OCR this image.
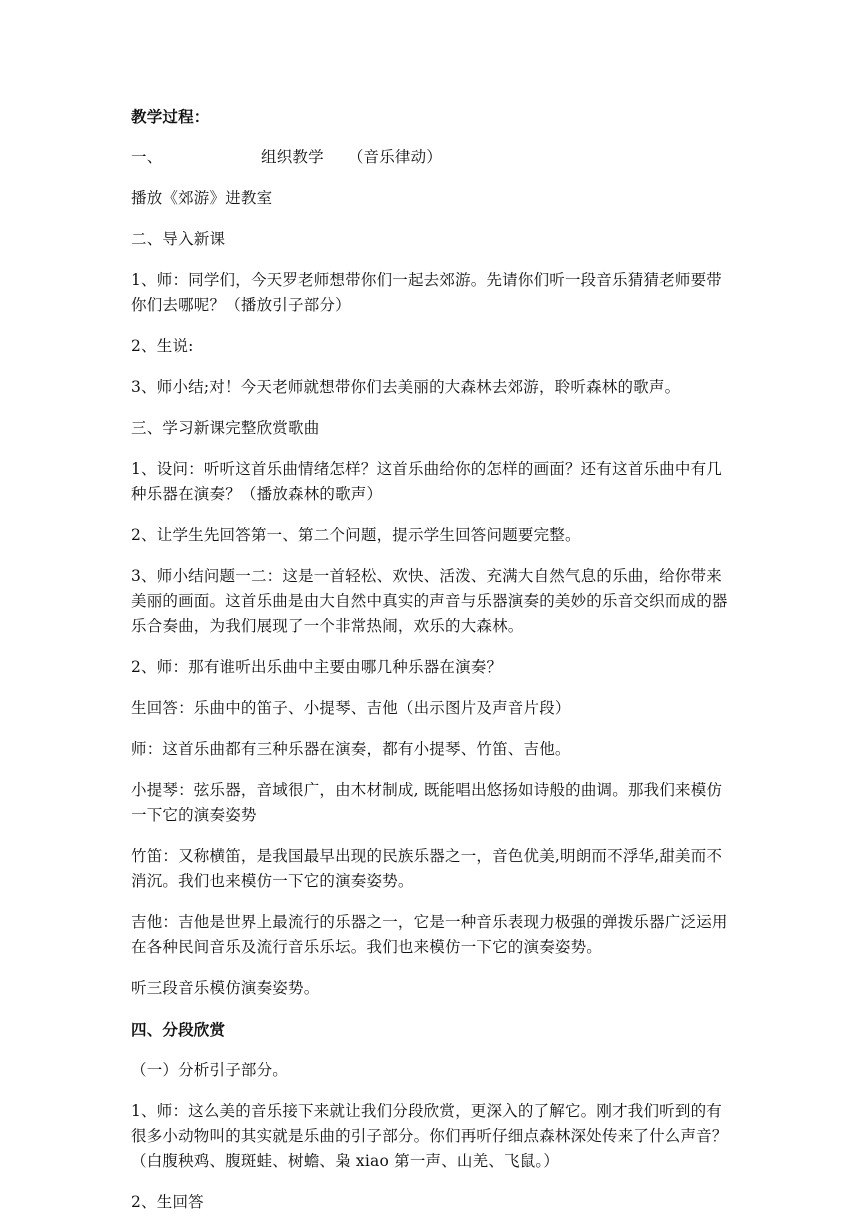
教学过程：

一、	组织教学 （音乐律动）

播放《郊游》进教室

二、导入新课

1、师：同学们，今天罗老师想带你们一起去郊游。先请你们听一段音乐猜猜老师要带你们去哪呢？（播放引子部分）

2、生说:

3、师小结;对！今天老师就想带你们去美丽的大森林去郊游，聆听森林的歌声。

三、学习新课完整欣赏歌曲

1、设问：听听这首乐曲情绪怎样？这首乐曲给你的怎样的画面？还有这首乐曲中有几种乐器在演奏？（播放森林的歌声）

2、让学生先回答第一、第二个问题，提示学生回答问题要完整。

3、师小结问题一二：这是一首轻松、欢快、活泼、充满大自然气息的乐曲，给你带来美丽的画面。这首乐曲是由大自然中真实的声音与乐器演奏的美妙的乐音交织而成的器乐合奏曲，为我们展现了一个非常热闹，欢乐的大森林。

2、师：那有谁听出乐曲中主要由哪几种乐器在演奏？

生回答：乐曲中的笛子、小提琴、吉他（出示图片及声音片段）

师：这首乐曲都有三种乐器在演奏，都有小提琴、竹笛、吉他。

小提琴：弦乐器，音域很广，由木材制成, 既能唱出悠扬如诗般的曲调。那我们来模仿一下它的演奏姿势

竹笛：又称横笛，是我国最早出现的民族乐器之一，音色优美,明朗而不浮华,甜美而不消沉。我们也来模仿一下它的演奏姿势。

吉他：吉他是世界上最流行的乐器之一，它是一种音乐表现力极强的弹拨乐器广泛运用在各种民间音乐及流行音乐乐坛。我们也来模仿一下它的演奏姿势。

听三段音乐模仿演奏姿势。

四、分段欣赏

（一）分析引子部分。

1、师：这么美的音乐接下来就让我们分段欣赏，更深入的了解它。刚才我们听到的有很多小动物叫的其实就是乐曲的引子部分。你们再听仔细点森林深处传来了什么声音？（白腹秧鸡、腹斑蛙、树蟾、枭 xiao 第一声、山羌、飞鼠。）

2、生回答
